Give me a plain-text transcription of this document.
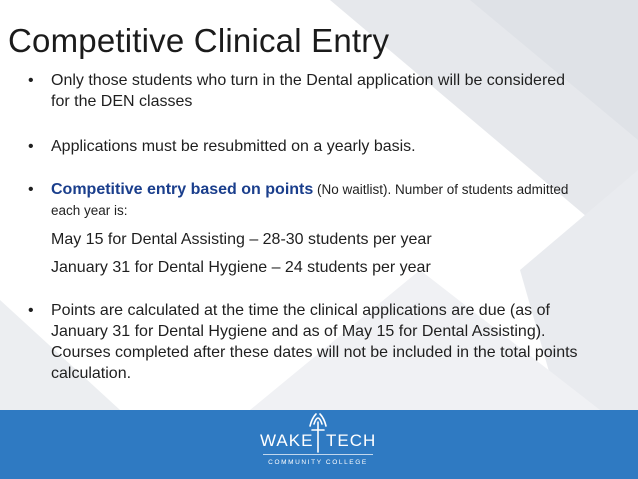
Competitive Clinical Entry
• Only those students who turn in the Dental application will be considered for the DEN classes
• Applications must be resubmitted on a yearly basis.
• Competitive entry based on points (No waitlist). Number of students admitted each year is:
May 15 for Dental Assisting – 28-30 students per year
January 31 for Dental Hygiene – 24 students per year
• Points are calculated at the time the clinical applications are due (as of January 31 for Dental Hygiene and as of May 15 for Dental Assisting). Courses completed after these dates will not be included in the total points calculation.
WAKE TECH
COMMUNITY COLLEGE
